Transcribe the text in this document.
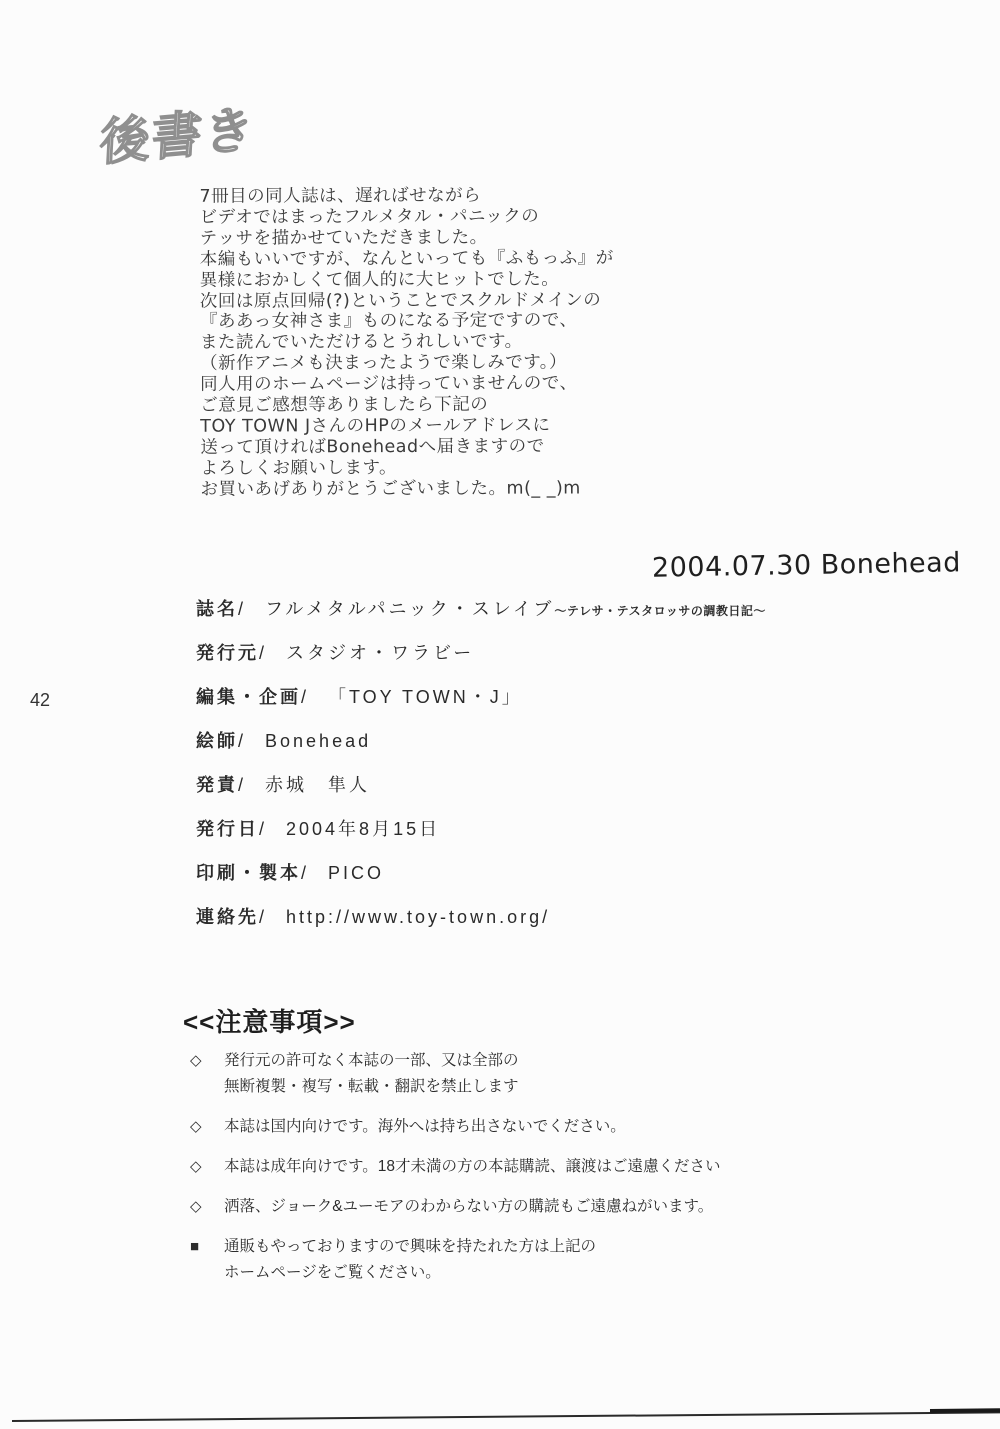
後書き
7冊目の同人誌は、遅ればせながら
ビデオではまったフルメタル・パニックの
テッサを描かせていただきました。
本編もいいですが、なんといっても『ふもっふ』が
異様におかしくて個人的に大ヒットでした。
次回は原点回帰(?)ということでスクルドメインの
『ああっ女神さま』ものになる予定ですので、
また読んでいただけるとうれしいです。
（新作アニメも決まったようで楽しみです。）
同人用のホームページは持っていませんので、
ご意見ご感想等ありましたら下記の
TOY TOWN JさんのHPのメールアドレスに
送って頂ければBoneheadへ届きますので
よろしくお願いします。
お買いあげありがとうございました。m(_ _)m
2004.07.30 Bonehead
42
誌名/ フルメタルパニック・スレイブ～テレサ・テスタロッサの調教日記～
発行元/ スタジオ・ワラビー
編集・企画/ 「TOY TOWN・J」
絵師/ Bonehead
発責/ 赤城　隼人
発行日/ 2004年8月15日
印刷・製本/ PICO
連絡先/ http://www.toy-town.org/
<<注意事項>>
◇	発行元の許可なく本誌の一部、又は全部の
無断複製・複写・転載・翻訳を禁止します
◇	本誌は国内向けです。海外へは持ち出さないでください。
◇	本誌は成年向けです。18才未満の方の本誌購読、譲渡はご遠慮ください
◇	洒落、ジョーク&ユーモアのわからない方の購読もご遠慮ねがいます。
■	通販もやっておりますので興味を持たれた方は上記の
ホームページをご覧ください。
